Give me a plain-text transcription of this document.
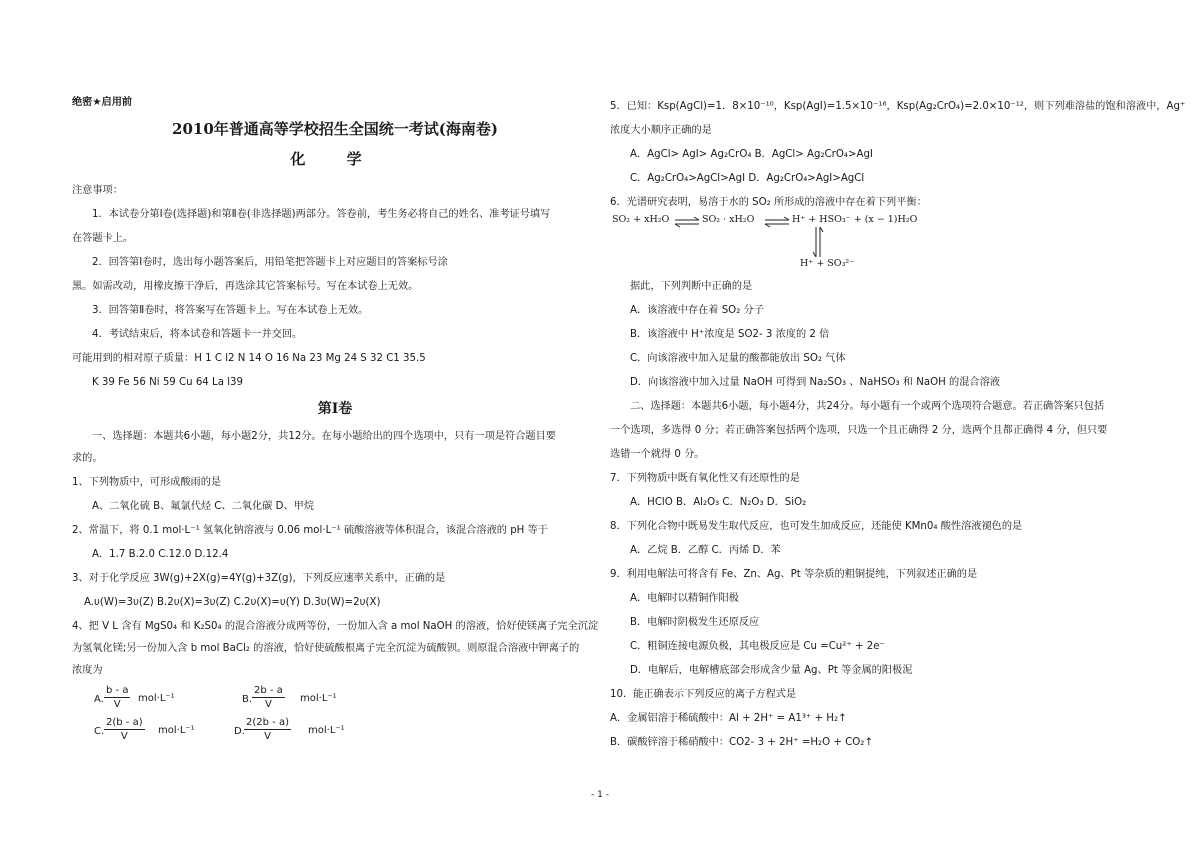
绝密★启用前
2010年普通高等学校招生全国统一考试(海南卷)
化 学
注意事项：
1．本试卷分第Ⅰ卷(选择题)和第Ⅱ卷(非选择题)两部分。答卷前，考生务必将自己的姓名、准考证号填写
在答题卡上。
2．回答第Ⅰ卷时，选出每小题答案后，用铅笔把答题卡上对应题目的答案标号涂
黑。如需改动，用橡皮擦干净后，再选涂其它答案标号。写在本试卷上无效。
3．回答第Ⅱ卷时，将答案写在答题卡上。写在本试卷上无效。
4．考试结束后，将本试卷和答题卡一并交回。
可能用到的相对原子质量：H 1 C l2 N 14 O 16 Na 23 Mg 24 S 32 C1 35.5
K 39 Fe 56 Ni 59 Cu 64 La l39
第Ⅰ卷
一、选择题：本题共6小题，每小题2分，共12分。在每小题给出的四个选项中，只有一项是符合题目要
求的。
1、下列物质中，可形成酸雨的是
A、二氧化硫 B、氟氯代烃 C、二氧化碳 D、甲烷
2、常温下，将 0.1 mol·L⁻¹ 氢氧化钠溶液与 0.06 mol·L⁻¹ 硫酸溶液等体积混合，该混合溶液的 pH 等于
A．1.7 B.2.0 C.12.0 D.12.4
3、对于化学反应 3W(g)+2X(g)=4Y(g)+3Z(g)，下列反应速率关系中，正确的是
A.υ(W)=3υ(Z) B.2υ(X)=3υ(Z) C.2υ(X)=υ(Y) D.3υ(W)=2υ(X)
4、把 V L 含有 MgS0₄ 和 K₂S0₄ 的混合溶液分成两等份，一份加入含 a mol NaOH 的溶液，恰好使镁离子完全沉淀
为氢氧化镁;另一份加入含 b mol BaCl₂ 的溶液，恰好使硫酸根离子完全沉淀为硫酸钡。则原混合溶液中钾离子的
浓度为
A. $\frac{b - a}{V} mol\cdot L^{-1}$	B. $\frac{2b - a}{V} mol\cdot L^{-1}$
C. $\frac{2(b - a)}{V} mol\cdot L^{-1}$	D. $\frac{2(2b - a)}{V} mol\cdot L^{-1}$
5．已知：Ksp(AgCl)=1．8×10⁻¹⁰，Ksp(AgI)=1.5×10⁻¹⁶，Ksp(Ag₂CrO₄)=2.0×10⁻¹²，则下列难溶盐的饱和溶液中，Ag⁺
浓度大小顺序正确的是
A．AgCl> AgI> Ag₂CrO₄ B．AgCl> Ag₂CrO₄>AgI
C．Ag₂CrO₄>AgCl>AgI D．Ag₂CrO₄>AgI>AgCl
6．光谱研究表明，易溶于水的 SO₂ 所形成的溶液中存在着下列平衡：
SO₂ + xH₂O ⇌ SO₂ · xH₂O ⇌ H⁺ + HSO₃⁻ + (x − 1)H₂O
H⁺ + SO₃²⁻
据此，下列判断中正确的是
A．该溶液中存在着 SO₂ 分子
B．该溶液中 H⁺浓度是 SO2- 3 浓度的 2 倍
C．向该溶液中加入足量的酸都能放出 SO₂ 气体
D．向该溶液中加入过量 NaOH 可得到 Na₂SO₃ 、NaHSO₃ 和 NaOH 的混合溶液
二、选择题：本题共6小题，每小题4分，共24分。每小题有一个或两个选项符合题意。若正确答案只包括
一个选项，多选得 0 分；若正确答案包括两个选项，只选一个且正确得 2 分，选两个且都正确得 4 分，但只要
选错一个就得 0 分。
7．下列物质中既有氧化性又有还原性的是
A．HClO B．Al₂O₃ C．N₂O₃ D．SiO₂
8．下列化合物中既易发生取代反应，也可发生加成反应，还能使 KMn0₄ 酸性溶液褪色的是
A．乙烷 B．乙醇 C．丙烯 D．苯
9．利用电解法可将含有 Fe、Zn、Ag、Pt 等杂质的粗铜提纯，下列叙述正确的是
A．电解时以精铜作阳极
B．电解时阴极发生还原反应
C．粗铜连接电源负极，其电极反应是 Cu =Cu²⁺ + 2e⁻
D．电解后，电解槽底部会形成含少量 Ag、Pt 等金属的阳极泥
10．能正确表示下列反应的离子方程式是
A．金属铝溶于稀硫酸中：Al + 2H⁺ = A1³⁺ + H₂↑
B．碳酸锌溶于稀硝酸中：CO2- 3 + 2H⁺ =H₂O + CO₂↑
- 1 -
